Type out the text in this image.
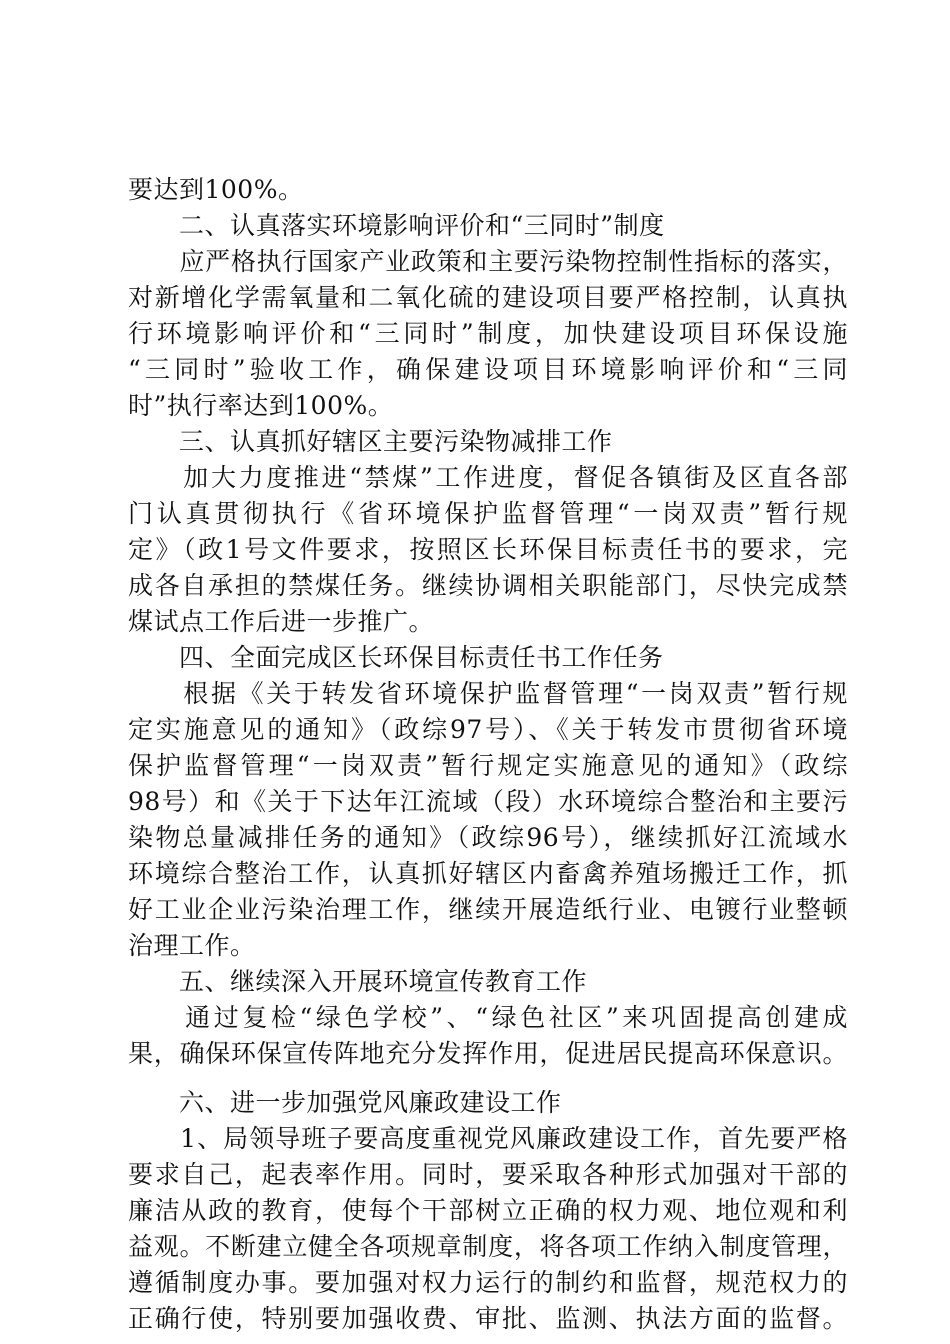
要达到100%。
　　二、认真落实环境影响评价和“三同时”制度
　　应严格执行国家产业政策和主要污染物控制性指标的落实，
对新增化学需氧量和二氧化硫的建设项目要严格控制，认真执
行环境影响评价和“三同时”制度，加快建设项目环保设施
“三同时”验收工作，确保建设项目环境影响评价和“三同
时”执行率达到100%。
　　三、认真抓好辖区主要污染物减排工作
　　加大力度推进“禁煤”工作进度，督促各镇街及区直各部
门认真贯彻执行《省环境保护监督管理“一岗双责”暂行规
定》（政1号文件要求，按照区长环保目标责任书的要求，完
成各自承担的禁煤任务。继续协调相关职能部门，尽快完成禁
煤试点工作后进一步推广。
　　四、全面完成区长环保目标责任书工作任务
　　根据《关于转发省环境保护监督管理“一岗双责”暂行规
定实施意见的通知》（政综97号）、《关于转发市贯彻省环境
保护监督管理“一岗双责”暂行规定实施意见的通知》（政综
98号）和《关于下达年江流域（段）水环境综合整治和主要污
染物总量减排任务的通知》（政综96号），继续抓好江流域水
环境综合整治工作，认真抓好辖区内畜禽养殖场搬迁工作，抓
好工业企业污染治理工作，继续开展造纸行业、电镀行业整顿
治理工作。
　　五、继续深入开展环境宣传教育工作
　　通过复检“绿色学校”、“绿色社区”来巩固提高创建成
果，确保环保宣传阵地充分发挥作用，促进居民提高环保意识。
　　六、进一步加强党风廉政建设工作
　　1、局领导班子要高度重视党风廉政建设工作，首先要严格
要求自己，起表率作用。同时，要采取各种形式加强对干部的
廉洁从政的教育，使每个干部树立正确的权力观、地位观和利
益观。不断建立健全各项规章制度，将各项工作纳入制度管理，
遵循制度办事。要加强对权力运行的制约和监督，规范权力的
正确行使，特别要加强收费、审批、监测、执法方面的监督。
